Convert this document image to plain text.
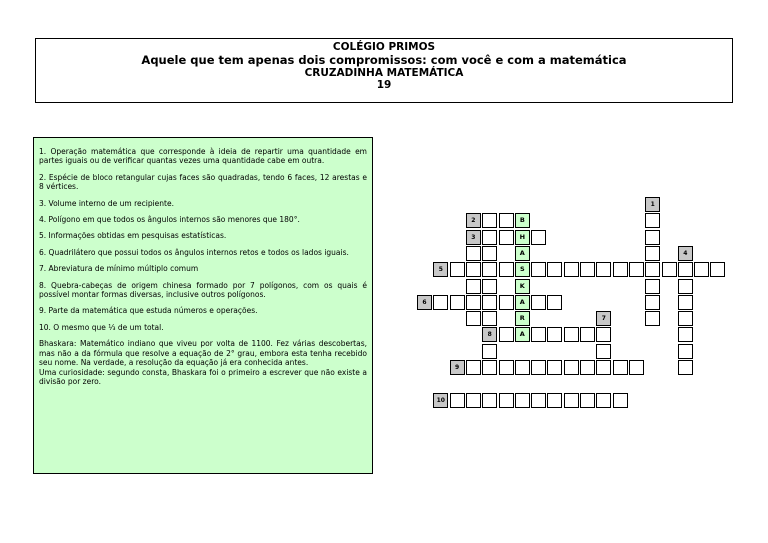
COLÉGIO PRIMOS
Aquele que tem apenas dois compromissos: com você e com a matemática
CRUZADINHA MATEMÁTICA
19

1. Operação matemática que corresponde à ideia de repartir uma quantidade em partes iguais ou de verificar quantas vezes uma quantidade cabe em outra.

2. Espécie de bloco retangular cujas faces são quadradas, tendo 6 faces, 12 arestas e 8 vértices.

3. Volume interno de um recipiente.

4. Polígono em que todos os ângulos internos são menores que 180°.

5. Informações obtidas em pesquisas estatísticas.

6. Quadrilátero que possui todos os ângulos internos retos e todos os lados iguais.

7. Abreviatura de mínimo múltiplo comum

8. Quebra-cabeças de origem chinesa formado por 7 polígonos, com os quais é possível montar formas diversas, inclusive outros polígonos.

9. Parte da matemática que estuda números e operações.

10. O mesmo que ⅓ de um total.

Bhaskara: Matemático indiano que viveu por volta de 1100. Fez várias descobertas, mas não a da fórmula que resolve a equação de 2° grau, embora esta tenha recebido seu nome. Na verdade, a resolução da equação já era conhecida antes.

Uma curiosidade: segundo consta, Bhaskara foi o primeiro a escrever que não existe a divisão por zero.

1
2
3
4
5
6
7
8
9
10
B
H
A
S
K
A
R
A
